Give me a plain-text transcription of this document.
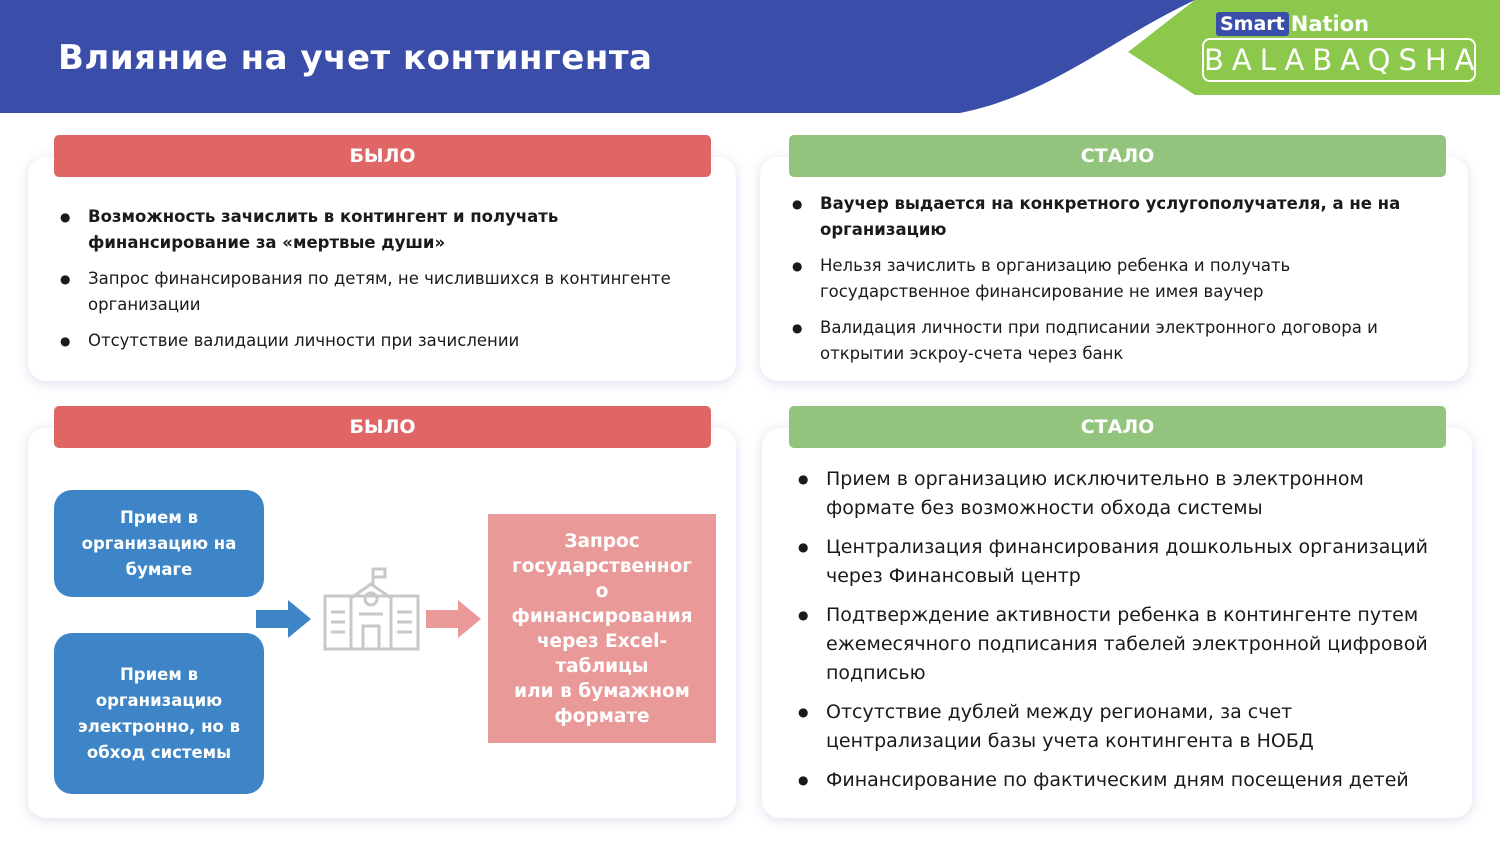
Влияние на учет контингента
Smart Nation
BALABAQSHA
БЫЛО
● Возможность зачислить в контингент и получать финансирование за «мертвые души»
● Запрос финансирования по детям, не числившихся в контингенте организации
● Отсутствие валидации личности при зачислении
СТАЛО
● Ваучер выдается на конкретного услугополучателя, а не на организацию
● Нельзя зачислить в организацию ребенка и получать государственное финансирование не имея ваучер
● Валидация личности при подписании электронного договора и открытии эскроу-счета через банк
БЫЛО
Прием в организацию на бумаге
Прием в организацию электронно, но в обход системы
Запрос государственног
о финансирования через Excel-таблицы
или в бумажном формате
СТАЛО
● Прием в организацию исключительно в электронном формате без возможности обхода системы
● Централизация финансирования дошкольных организаций через Финансовый центр
● Подтверждение активности ребенка в контингенте путем ежемесячного подписания табелей электронной цифровой подписью
● Отсутствие дублей между регионами, за счет централизации базы учета контингента в НОБД
● Финансирование по фактическим дням посещения детей
